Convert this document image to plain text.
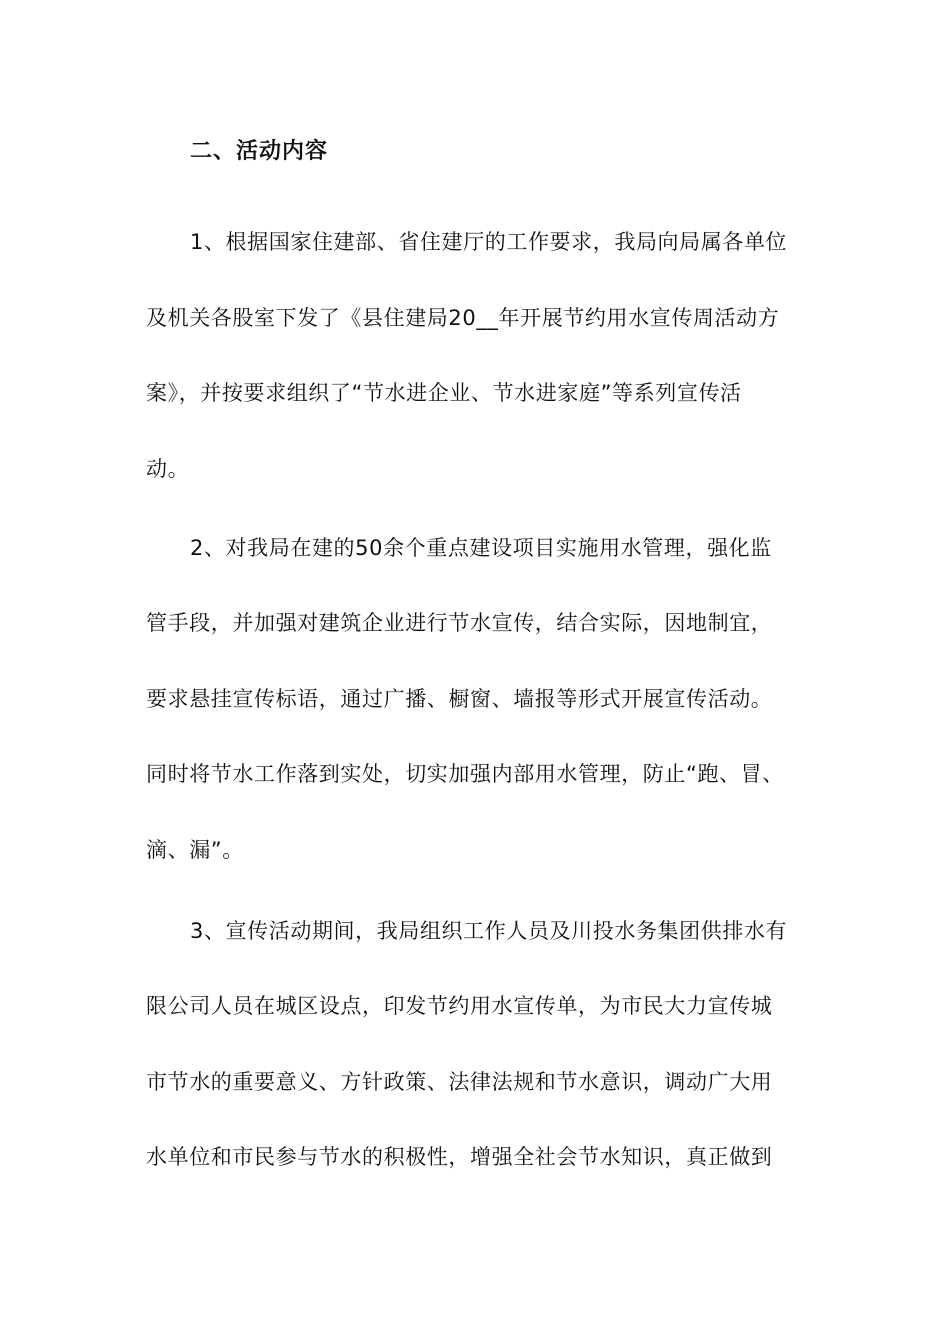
二、活动内容
1、根据国家住建部、省住建厅的工作要求，我局向局属各单位
及机关各股室下发了《县住建局20__年开展节约用水宣传周活动方
案》，并按要求组织了“节水进企业、节水进家庭”等系列宣传活
动。
2、对我局在建的50余个重点建设项目实施用水管理，强化监
管手段，并加强对建筑企业进行节水宣传，结合实际，因地制宜，
要求悬挂宣传标语，通过广播、橱窗、墙报等形式开展宣传活动。
同时将节水工作落到实处，切实加强内部用水管理，防止“跑、冒、
滴、漏”。
3、宣传活动期间，我局组织工作人员及川投水务集团供排水有
限公司人员在城区设点，印发节约用水宣传单，为市民大力宣传城
市节水的重要意义、方针政策、法律法规和节水意识，调动广大用
水单位和市民参与节水的积极性，增强全社会节水知识，真正做到
